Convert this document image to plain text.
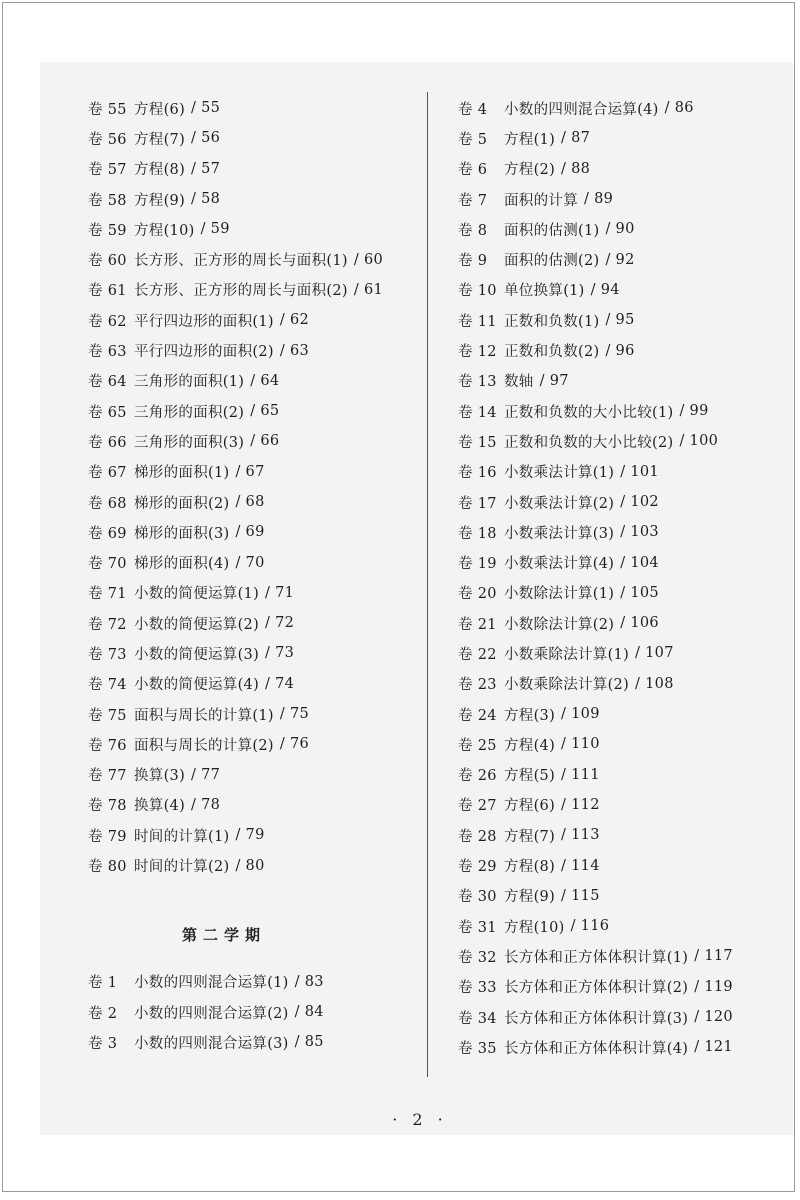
卷 55 方程(6) / 55
卷 56 方程(7) / 56
卷 57 方程(8) / 57
卷 58 方程(9) / 58
卷 59 方程(10) / 59
卷 60 长方形、正方形的周长与面积(1) / 60
卷 61 长方形、正方形的周长与面积(2) / 61
卷 62 平行四边形的面积(1) / 62
卷 63 平行四边形的面积(2) / 63
卷 64 三角形的面积(1) / 64
卷 65 三角形的面积(2) / 65
卷 66 三角形的面积(3) / 66
卷 67 梯形的面积(1) / 67
卷 68 梯形的面积(2) / 68
卷 69 梯形的面积(3) / 69
卷 70 梯形的面积(4) / 70
卷 71 小数的简便运算(1) / 71
卷 72 小数的简便运算(2) / 72
卷 73 小数的简便运算(3) / 73
卷 74 小数的简便运算(4) / 74
卷 75 面积与周长的计算(1) / 75
卷 76 面积与周长的计算(2) / 76
卷 77 换算(3) / 77
卷 78 换算(4) / 78
卷 79 时间的计算(1) / 79
卷 80 时间的计算(2) / 80
第二学期
卷 1	小数的四则混合运算(1) / 83
卷 2	小数的四则混合运算(2) / 84
卷 3	小数的四则混合运算(3) / 85
卷 4	小数的四则混合运算(4) / 86
卷 5	方程(1) / 87
卷 6	方程(2) / 88
卷 7	面积的计算 / 89
卷 8	面积的估测(1) / 90
卷 9	面积的估测(2) / 92
卷 10 单位换算(1) / 94
卷 11 正数和负数(1) / 95
卷 12 正数和负数(2) / 96
卷 13 数轴 / 97
卷 14 正数和负数的大小比较(1) / 99
卷 15 正数和负数的大小比较(2) / 100
卷 16 小数乘法计算(1) / 101
卷 17 小数乘法计算(2) / 102
卷 18 小数乘法计算(3) / 103
卷 19 小数乘法计算(4) / 104
卷 20 小数除法计算(1) / 105
卷 21 小数除法计算(2) / 106
卷 22 小数乘除法计算(1) / 107
卷 23 小数乘除法计算(2) / 108
卷 24 方程(3) / 109
卷 25 方程(4) / 110
卷 26 方程(5) / 111
卷 27 方程(6) / 112
卷 28 方程(7) / 113
卷 29 方程(8) / 114
卷 30 方程(9) / 115
卷 31 方程(10) / 116
卷 32 长方体和正方体体积计算(1) / 117
卷 33 长方体和正方体体积计算(2) / 119
卷 34 长方体和正方体体积计算(3) / 120
卷 35 长方体和正方体体积计算(4) / 121
· 2 ·
